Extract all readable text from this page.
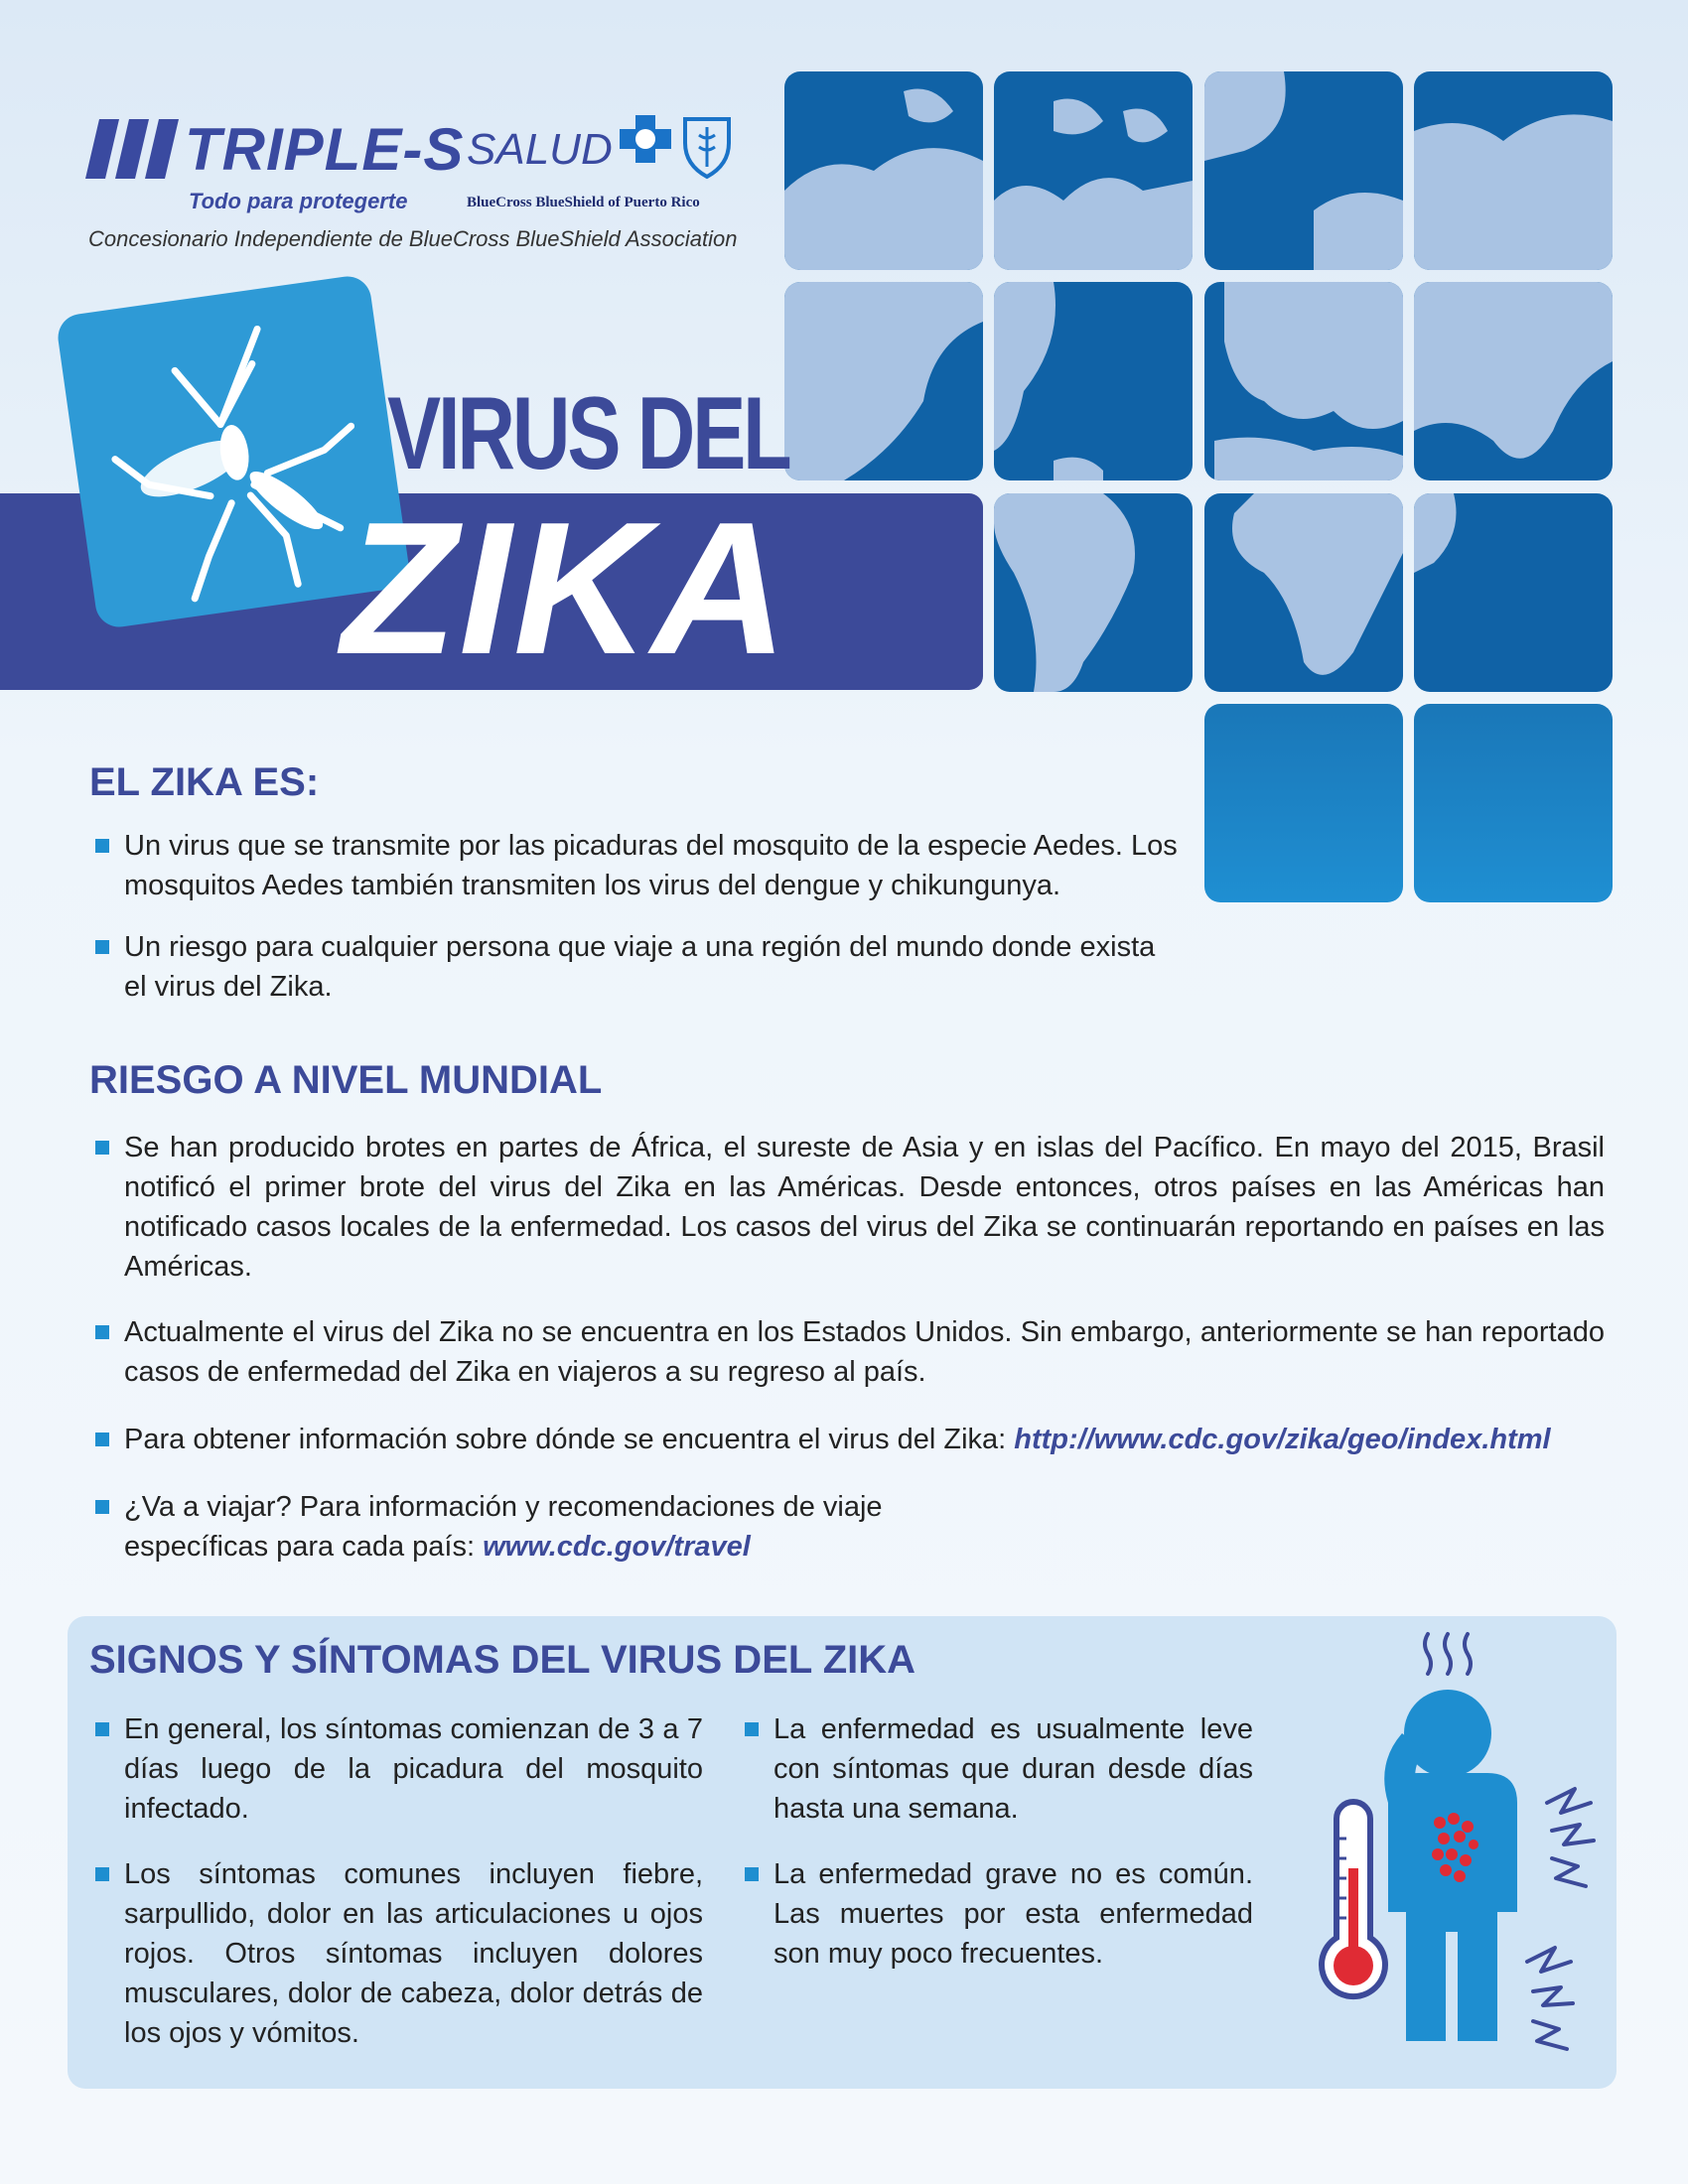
TRIPLE-S SALUD
Todo para protegerte	BlueCross BlueShield of Puerto Rico
Concesionario Independiente de BlueCross BlueShield Association
VIRUS DEL
ZIKA
EL ZIKA ES:
Un virus que se transmite por las picaduras del mosquito de la especie Aedes. Los mosquitos Aedes también transmiten los virus del dengue y chikungunya.
Un riesgo para cualquier persona que viaje a una región del mundo donde exista el virus del Zika.
RIESGO A NIVEL MUNDIAL
Se han producido brotes en partes de África, el sureste de Asia y en islas del Pacífico. En mayo del 2015, Brasil notificó el primer brote del virus del Zika en las Américas. Desde entonces, otros países en las Américas han notificado casos locales de la enfermedad. Los casos del virus del Zika se continuarán reportando en países en las Américas.
Actualmente el virus del Zika no se encuentra en los Estados Unidos. Sin embargo, anteriormente se han reportado casos de enfermedad del Zika en viajeros a su regreso al país.
Para obtener información sobre dónde se encuentra el virus del Zika: http://www.cdc.gov/zika/geo/index.html
¿Va a viajar? Para información y recomendaciones de viaje específicas para cada país: www.cdc.gov/travel
SIGNOS Y SÍNTOMAS DEL VIRUS DEL ZIKA
En general, los síntomas comienzan de 3 a 7 días luego de la picadura del mosquito infectado.
Los síntomas comunes incluyen fiebre, sarpullido, dolor en las articulaciones u ojos rojos. Otros síntomas incluyen dolores musculares, dolor de cabeza, dolor detrás de los ojos y vómitos.
La enfermedad es usualmente leve con síntomas que duran desde días hasta una semana.
La enfermedad grave no es común. Las muertes por esta enfermedad son muy poco frecuentes.
